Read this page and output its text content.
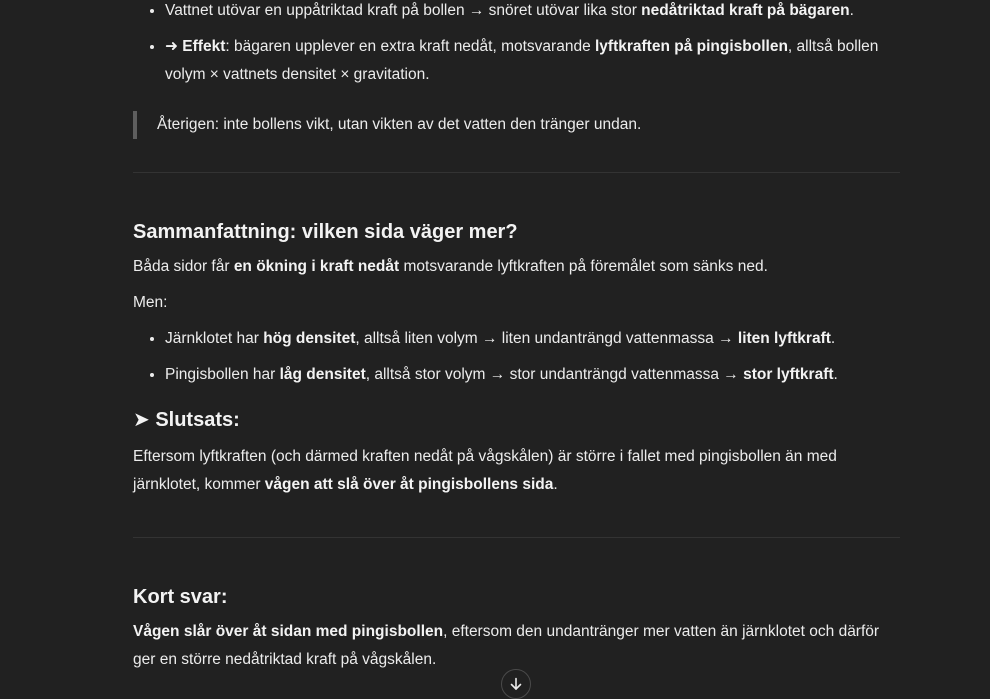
• Vattnet utövar en uppåtriktad kraft på bollen → snöret utövar lika stor nedåtriktad kraft på bägaren.
• ➜ Effekt: bägaren upplever en extra kraft nedåt, motsvarande lyftkraften på pingisbollen, alltså bollen volym × vattnets densitet × gravitation.

Återigen: inte bollens vikt, utan vikten av det vatten den tränger undan.

Sammanfattning: vilken sida väger mer?

Båda sidor får en ökning i kraft nedåt motsvarande lyftkraften på föremålet som sänks ned.

Men:

• Järnklotet har hög densitet, alltså liten volym → liten undanträngd vattenmassa → liten lyftkraft.
• Pingisbollen har låg densitet, alltså stor volym → stor undanträngd vattenmassa → stor lyftkraft.
➤ Slutsats:

Eftersom lyftkraften (och därmed kraften nedåt på vågskålen) är större i fallet med pingisbollen än med järnklotet, kommer vågen att slå över åt pingisbollens sida.

Kort svar:

Vågen slår över åt sidan med pingisbollen, eftersom den undantränger mer vatten än järnklotet och därför ger en större nedåtriktad kraft på vågskålen.
